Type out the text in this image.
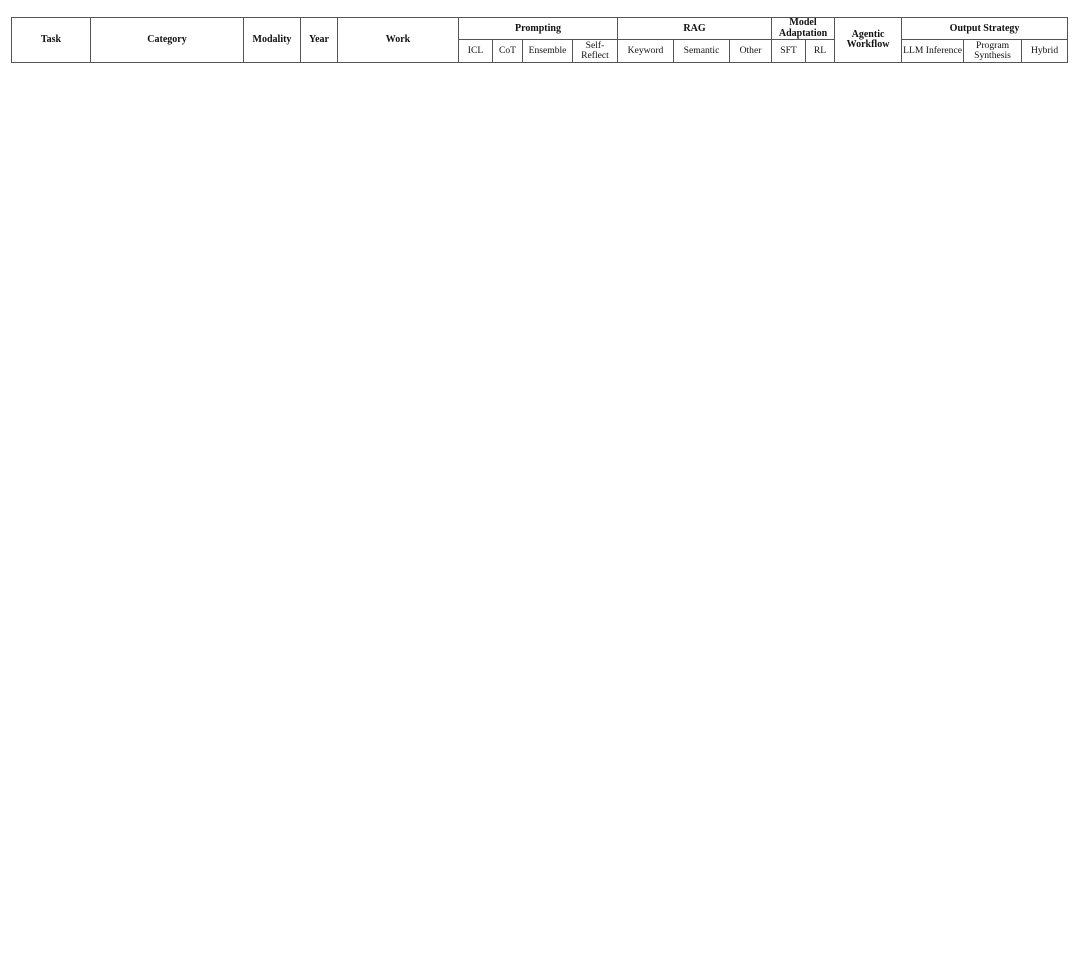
Task	Category	Modality	Year	Work	Prompting				RAG			Model Adaptation		Agentic Workflow	Output Strategy		
					ICL	CoT	Ensemble	Self-Reflect	Keyword	Semantic	Other	SFT	RL		LLM Inference	Program Synthesis	Hybrid
